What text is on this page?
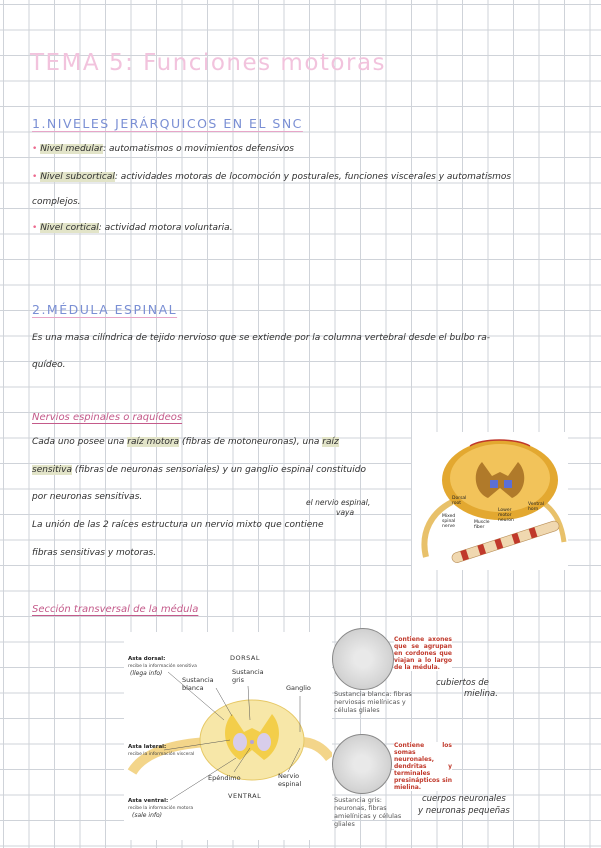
TEMA 5: Funciones motoras
1.NIVELES JERÁRQUICOS EN EL SNC
• Nivel medular: automatismos o movimientos defensivos
• Nivel subcortical: actividades motoras de locomoción y posturales, funciones viscerales y automatismos
complejos.
• Nivel cortical: actividad motora voluntaria.
2.MÉDULA ESPINAL
Es una masa cilíndrica de tejido nervioso que se extiende por la columna vertebral desde el bulbo ra-
quídeo.
Nervios espinales o raquídeos
Cada uno posee una raíz motora (fibras de motoneuronas), una raíz
sensitiva (fibras de neuronas sensoriales) y un ganglio espinal constituido
por neuronas sensitivas.
La unión de las 2 raíces estructura un nervio mixto que contiene
fibras sensitivas y motoras.
el nervio espinal,
vaya
Dorsal root
Mixed spinal nerve
Muscle fiber
Lower motor neuron
Ventral horn
Sección transversal de la médula
Asta dorsal:
recibe la información sensitiva
(llega info)
DORSAL
Sustancia blanca
Sustancia gris
Ganglio
Asta lateral:
recibe la información visceral
Epéndimo	Nervio espinal
Asta ventral:
recibe la información motora
(sale info)
VENTRAL
Contiene axones que se agrupan en cordones que viajan a lo largo de la médula.
Sustancia blanca: fibras nerviosas mielínicas y células gliales
cubiertos de
mielina.
Contiene los somas neuronales, dendritas y terminales presinápticos sin mielina.
Sustancia gris: neuronas, fibras amielínicas y células gliales
cuerpos neuronales
y neuronas pequeñas
